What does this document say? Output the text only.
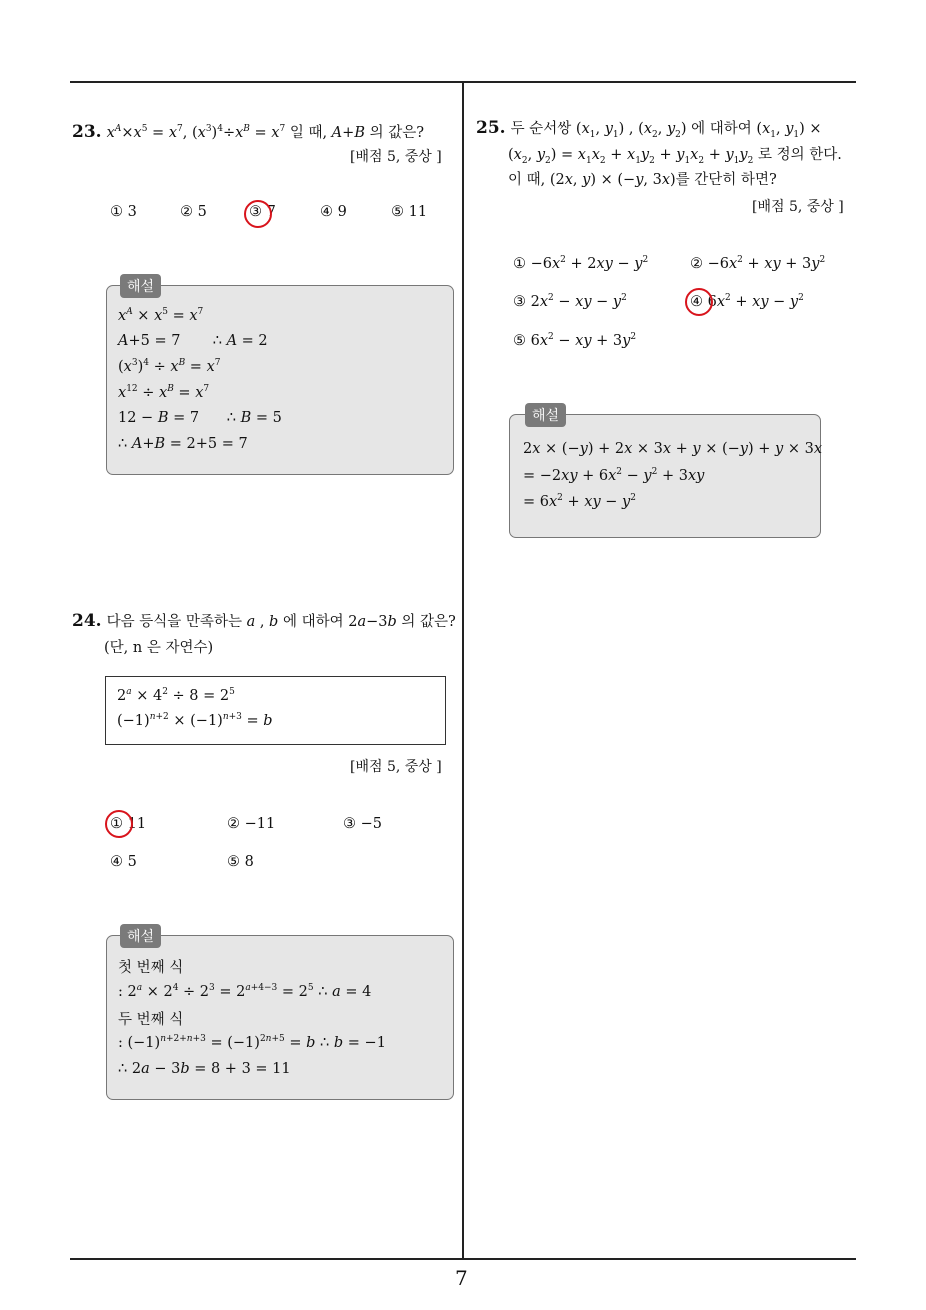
7
23. $x^A\times x^5 = x^7$, $(x^3)^4\div x^B = x^7$ 일 때, A+B 의 값은?
[배점 5, 중상 ]
① 3	② 5	③ 7	④ 9	⑤ 11
해설
$x^A \times x^5 = x^7$
A+5 = 7       ∴ A = 2
$(x^3)^4 \div x^B = x^7$
$x^{12} \div x^B = x^7$
12 − B = 7      ∴ B = 5
∴ A+B = 2+5 = 7
24. 다음 등식을 만족하는 a , b 에 대하여 2a−3b 의 값은?
(단, n 은 자연수)
$2^a \times 4^2 \div 8 = 2^5$
$(-1)^{n+2} \times (-1)^{n+3} = b$
[배점 5, 중상 ]
① 11	② −11	③ −5
④ 5	⑤ 8
해설
첫 번째 식
: $2^a \times 2^4 \div 2^3 = 2^{a+4-3} = 2^5$ ∴ a = 4
두 번째 식
: $(-1)^{n+2+n+3} = (-1)^{2n+5} = b$ ∴ b = −1
∴ 2a − 3b = 8 + 3 = 11
25. 두 순서쌍 ($x_1$, $y_1$) , ($x_2$, $y_2$) 에 대하여 ($x_1$, $y_1$) ×
($x_2$, $y_2) = x_1x_2 + x_1y_2 + y_1x_2 + y_1y_2$ 로 정의 한다.
이 때, (2x, y) × (−y, 3x)를 간단히 하면?
[배점 5, 중상 ]
① $-6x^2 + 2xy - y^2$	② $-6x^2$ + xy + $3y^2$
③ $2x^2$ − xy − $y^2$	④ $6x^2$ + xy − $y^2$
⑤ $6x^2$ − xy + $3y^2$
해설
2x × (−y) + 2x × 3x + y × (−y) + y × 3x
= $-2xy + 6x^2 - y^2 + 3xy$
= $6x^2$ + xy − $y^2$
